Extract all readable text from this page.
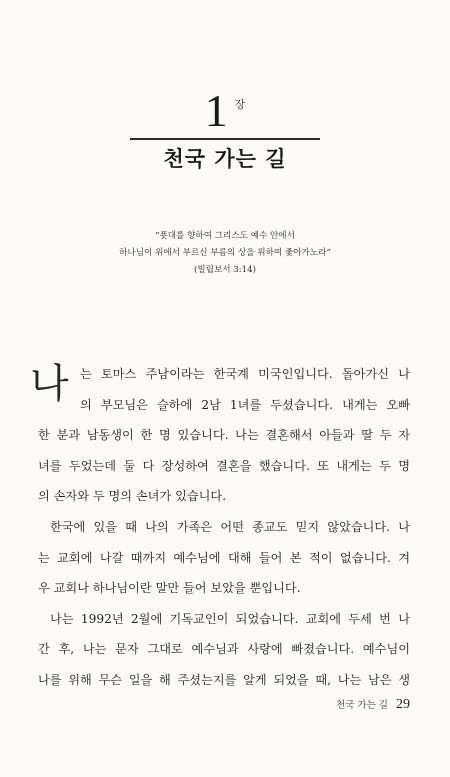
1 $^장$
천국 가는 길
“푯대를 향하여 그리스도 예수 안에서
하나님이 위에서 부르신 부름의 상을 위하여 좇아가노라”
(빌립보서 3:14)
나 는 토마스 주남이라는 한국계 미국인입니다. 돌아가신 나
의 부모님은 슬하에 2남 1녀를 두셨습니다. 내게는 오빠
한 분과 남동생이 한 명 있습니다. 나는 결혼해서 아들과 딸 두 자
녀를 두었는데 둘 다 장성하여 결혼을 했습니다. 또 내게는 두 명
의 손자와 두 명의 손녀가 있습니다.
한국에 있을 때 나의 가족은 어떤 종교도 믿지 않았습니다. 나
는 교회에 나갈 때까지 예수님에 대해 들어 본 적이 없습니다. 겨
우 교회나 하나님이란 말만 들어 보았을 뿐입니다.
나는 1992년 2월에 기독교인이 되었습니다. 교회에 두세 번 나
간 후, 나는 문자 그대로 예수님과 사랑에 빠졌습니다. 예수님이
나를 위해 무슨 일을 해 주셨는지를 알게 되었을 때, 나는 남은 생
천국 가는 길 29
